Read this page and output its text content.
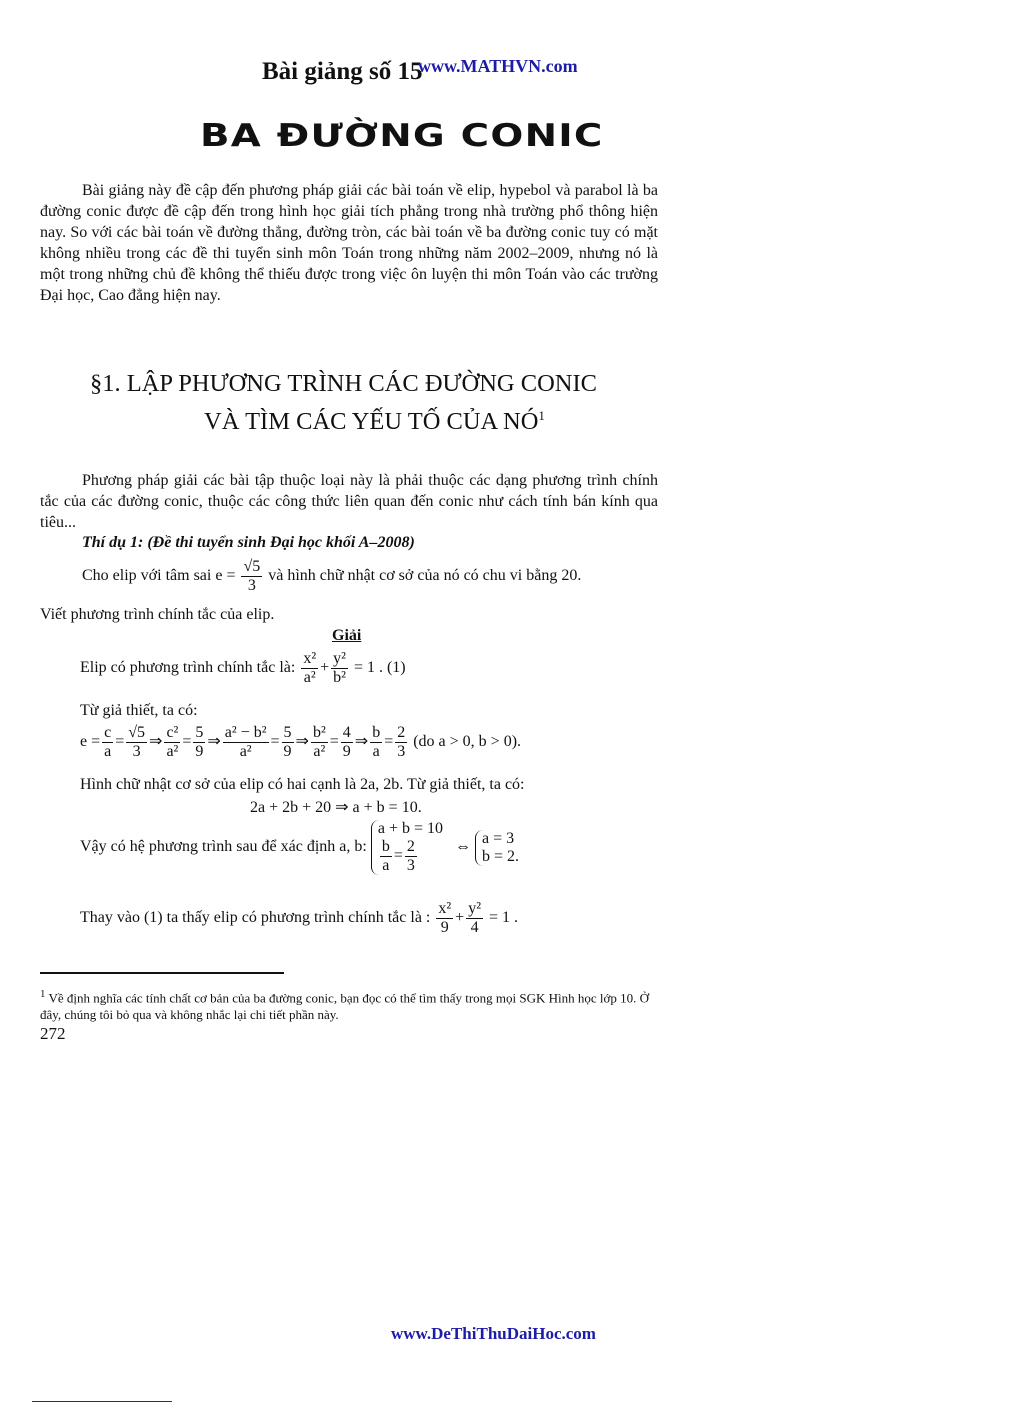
Bài giảng số 15
www.MATHVN.com
BA ĐƯỜNG CONIC
Bài giảng này đề cập đến phương pháp giải các bài toán về elip, hypebol và parabol là ba đường conic được đề cập đến trong hình học giải tích phẳng trong nhà trường phổ thông hiện nay. So với các bài toán về đường thẳng, đường tròn, các bài toán về ba đường conic tuy có mặt không nhiều trong các đề thi tuyển sinh môn Toán trong những năm 2002–2009, nhưng nó là một trong những chủ đề không thể thiếu được trong việc ôn luyện thi môn Toán vào các trường Đại học, Cao đẳng hiện nay.
§1. LẬP PHƯƠNG TRÌNH CÁC ĐƯỜNG CONIC
VÀ TÌM CÁC YẾU TỐ CỦA $NÓ^1$
Phương pháp giải các bài tập thuộc loại này là phải thuộc các dạng phương trình chính tắc của các đường conic, thuộc các công thức liên quan đến conic như cách tính bán kính qua tiêu...
Thí dụ 1: (Đề thi tuyển sinh Đại học khối A–2008)
Cho elip với tâm sai $e = \frac{√5}{3}$ và hình chữ nhật cơ sở của nó có chu vi bằng 20.
Viết phương trình chính tắc của elip.
Giải
Elip có phương trình chính tắc là: $\frac{\text{x²}}{\text{a²}} + \frac{\text{y²}}{\text{b²}} = 1$ . (1)
Từ giả thiết, ta có:
$e = \frac{c}{a} = \frac{√5}{3}$ ⇒ $\frac{\text{c²}}{\text{a²}} = \frac{5}{9}$ ⇒ $\frac{\text{a² − b²}}{\text{a²}} = \frac{5}{9}$ ⇒ $\frac{\text{b²}}{\text{a²}} = \frac{4}{9}$ ⇒ $\frac{b}{a} = \frac{2}{3} (do$ a > 0, b > 0).
Hình chữ nhật cơ sở của elip có hai cạnh là 2a, 2b. Từ giả thiết, ta có:
2a + 2b + 20 ⇒ a + b = 10.
Vậy có hệ phương trình sau để xác định a, b:
a + b = 10
$\frac{b}{a} = \frac{2}{3}$ ⇔
a = 3
b = 2.
Thay vào (1) ta thấy elip có phương trình chính tắc là : $\frac{\text{x²}}{9} + \frac{\text{y²}}{4} = 1$ .
$^1$ Về định nghĩa các tính chất cơ bản của ba đường conic, bạn đọc có thể tìm thấy trong mọi SGK Hình học lớp 10. Ở đây, chúng tôi bỏ qua và không nhắc lại chi tiết phần này.
272
www.DeThiThuDaiHoc.com
